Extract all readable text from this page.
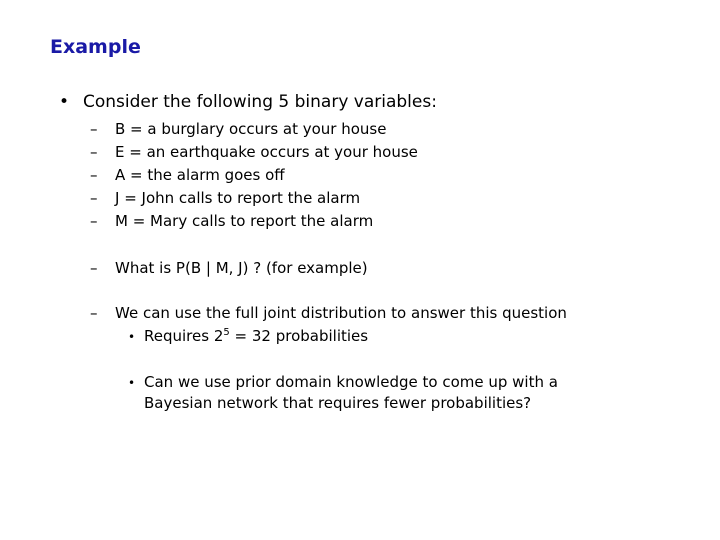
Example
• Consider the following 5 binary variables:
– B = a burglary occurs at your house
– E = an earthquake occurs at your house
– A = the alarm goes off
– J = John calls to report the alarm
– M = Mary calls to report the alarm
– What is P(B | M, J) ? (for example)
– We can use the full joint distribution to answer this question
• Requires $2^5 = 32$ probabilities
• Can we use prior domain knowledge to come up with a
Bayesian network that requires fewer probabilities?
